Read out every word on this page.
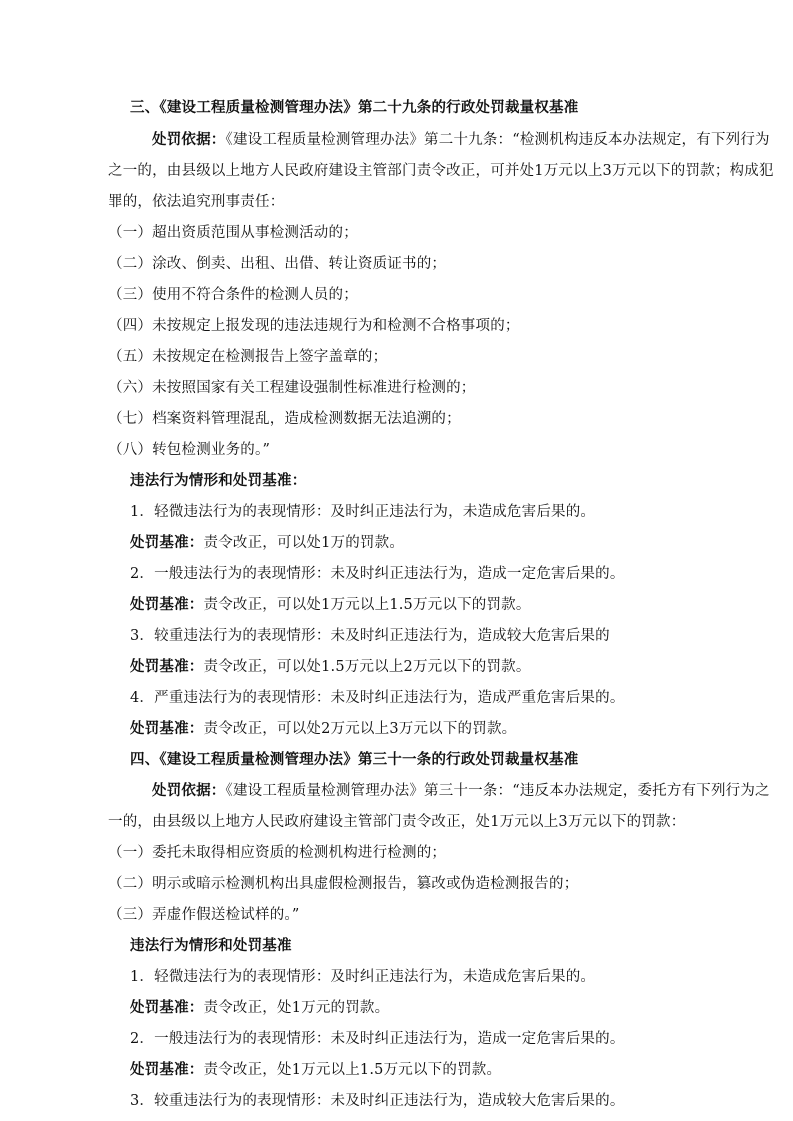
三、《建设工程质量检测管理办法》第二十九条的行政处罚裁量权基准
处罚依据：《建设工程质量检测管理办法》第二十九条：“检测机构违反本办法规定，有下列行为
之一的，由县级以上地方人民政府建设主管部门责令改正，可并处1万元以上3万元以下的罚款；构成犯
罪的，依法追究刑事责任：
（一）超出资质范围从事检测活动的；
（二）涂改、倒卖、出租、出借、转让资质证书的；
（三）使用不符合条件的检测人员的；
（四）未按规定上报发现的违法违规行为和检测不合格事项的；
（五）未按规定在检测报告上签字盖章的；
（六）未按照国家有关工程建设强制性标准进行检测的；
（七）档案资料管理混乱，造成检测数据无法追溯的；
（八）转包检测业务的。”
违法行为情形和处罚基准：
1．轻微违法行为的表现情形：及时纠正违法行为，未造成危害后果的。
处罚基准：责令改正，可以处1万的罚款。
2．一般违法行为的表现情形：未及时纠正违法行为，造成一定危害后果的。
处罚基准：责令改正，可以处1万元以上1.5万元以下的罚款。
3．较重违法行为的表现情形：未及时纠正违法行为，造成较大危害后果的
处罚基准：责令改正，可以处1.5万元以上2万元以下的罚款。
4．严重违法行为的表现情形：未及时纠正违法行为，造成严重危害后果的。
处罚基准：责令改正，可以处2万元以上3万元以下的罚款。
四、《建设工程质量检测管理办法》第三十一条的行政处罚裁量权基准
处罚依据：《建设工程质量检测管理办法》第三十一条：“违反本办法规定，委托方有下列行为之
一的，由县级以上地方人民政府建设主管部门责令改正，处1万元以上3万元以下的罚款：
（一）委托未取得相应资质的检测机构进行检测的；
（二）明示或暗示检测机构出具虚假检测报告，篡改或伪造检测报告的；
（三）弄虚作假送检试样的。”
违法行为情形和处罚基准
1．轻微违法行为的表现情形：及时纠正违法行为，未造成危害后果的。
处罚基准：责令改正，处1万元的罚款。
2．一般违法行为的表现情形：未及时纠正违法行为，造成一定危害后果的。
处罚基准：责令改正，处1万元以上1.5万元以下的罚款。
3．较重违法行为的表现情形：未及时纠正违法行为，造成较大危害后果的。
